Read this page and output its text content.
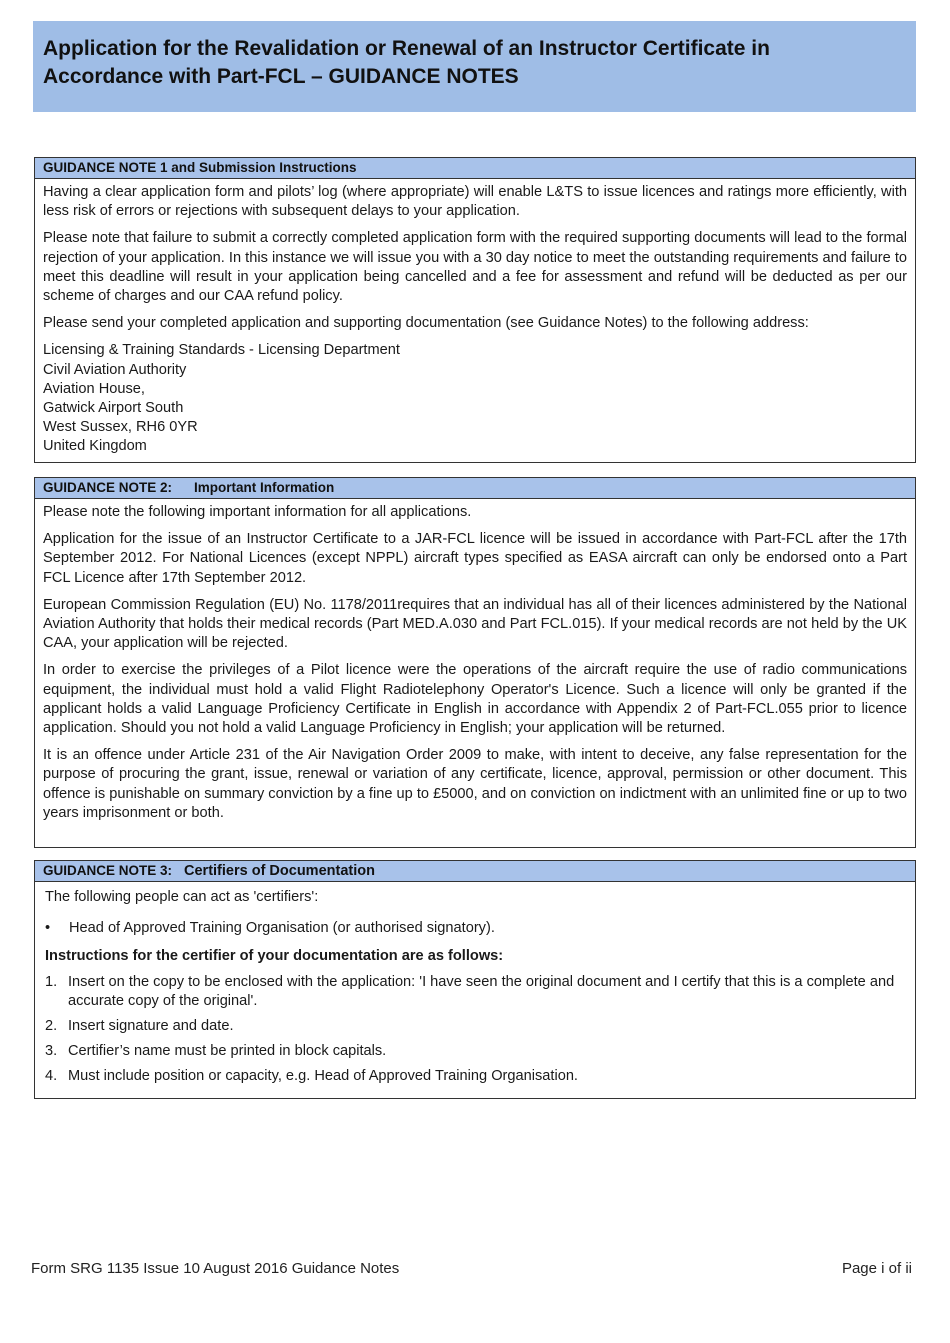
Application for the Revalidation or Renewal of an Instructor Certificate in
Accordance with Part-FCL – GUIDANCE NOTES
GUIDANCE NOTE 1 and Submission Instructions

Having a clear application form and pilots’ log (where appropriate) will enable L&TS to issue licences and ratings more efficiently, with less risk of errors or rejections with subsequent delays to your application.

Please note that failure to submit a correctly completed application form with the required supporting documents will lead to the formal rejection of your application. In this instance we will issue you with a 30 day notice to meet the outstanding requirements and failure to meet this deadline will result in your application being cancelled and a fee for assessment and refund will be deducted as per our scheme of charges and our CAA refund policy.

Please send your completed application and supporting documentation (see Guidance Notes) to the following address:

Licensing & Training Standards - Licensing Department
Civil Aviation Authority
Aviation House,
Gatwick Airport South
West Sussex, RH6 0YR
United Kingdom
GUIDANCE NOTE 2: Important Information

Please note the following important information for all applications.

Application for the issue of an Instructor Certificate to a JAR-FCL licence will be issued in accordance with Part-FCL after the 17th September 2012. For National Licences (except NPPL) aircraft types specified as EASA aircraft can only be endorsed onto a Part FCL Licence after 17th September 2012.

European Commission Regulation (EU) No. 1178/2011requires that an individual has all of their licences administered by the National Aviation Authority that holds their medical records (Part MED.A.030 and Part FCL.015). If your medical records are not held by the UK CAA, your application will be rejected.

In order to exercise the privileges of a Pilot licence were the operations of the aircraft require the use of radio communications equipment, the individual must hold a valid Flight Radiotelephony Operator's Licence. Such a licence will only be granted if the applicant holds a valid Language Proficiency Certificate in English in accordance with Appendix 2 of Part-FCL.055 prior to licence application. Should you not hold a valid Language Proficiency in English; your application will be returned.

It is an offence under Article 231 of the Air Navigation Order 2009 to make, with intent to deceive, any false representation for the purpose of procuring the grant, issue, renewal or variation of any certificate, licence, approval, permission or other document. This offence is punishable on summary conviction by a fine up to £5000, and on conviction on indictment with an unlimited fine or up to two years imprisonment or both.

GUIDANCE NOTE 3: Certifiers of Documentation

The following people can act as 'certifiers':

•	Head of Approved Training Organisation (or authorised signatory).
Instructions for the certifier of your documentation are as follows:
1. Insert on the copy to be enclosed with the application: 'I have seen the original document and I certify that this is a complete and accurate copy of the original'.
2. Insert signature and date.
3. Certifier’s name must be printed in block capitals.
4. Must include position or capacity, e.g. Head of Approved Training Organisation.
Form SRG 1135 Issue 10 August 2016 Guidance Notes	Page i of ii
